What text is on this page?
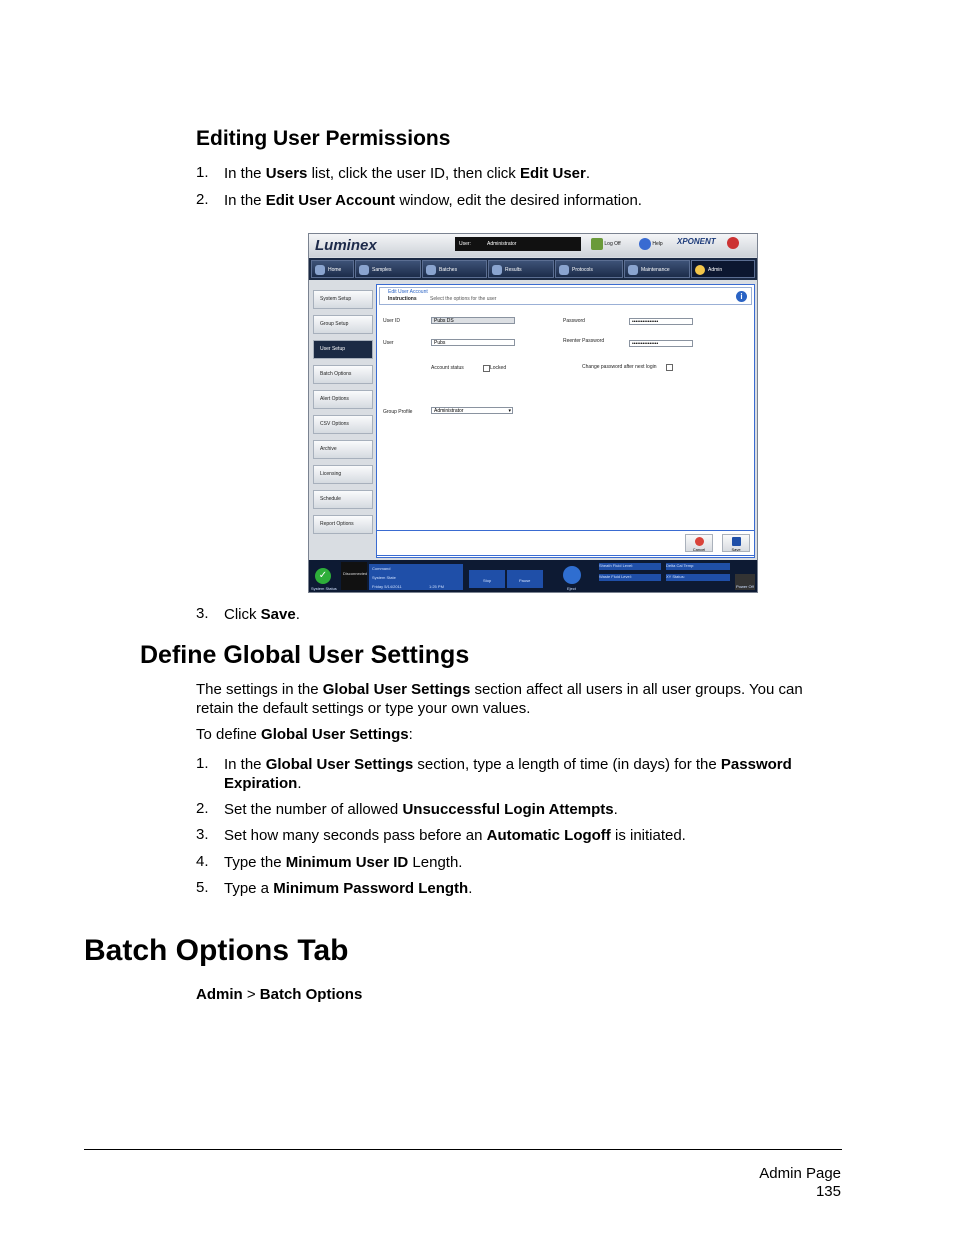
Editing User Permissions
1. In the Users list, click the user ID, then click Edit User.
2. In the Edit User Account window, edit the desired information.
Luminex	User:	Administrator	Log Off	Help XPONENT
Home	Samples	Batches	Results	Protocols	Maintenance	Admin
System Setup
Group Setup
User Setup
Batch Options
Alert Options
CSV Options
Archive
Licensing
Schedule
Report Options
Edit User Account
Instructions	Select the options for the user	i
User ID	Pubs DS
User	Pubs
Password	•••••••••••••••
Reenter Password	•••••••••••••••
Account status	Locked	Change password after next login
Group Profile	Administrator	▾
Cancel	Save
✓
System Status
Disconnected
Command
System State
Friday 5/14/2011	1:25 PM
Stop	Pause
Eject
Sheath Fluid Level:
Waste Fluid Level:
Delta Cal Temp:
XY Status:
Power Off
3. Click Save.
Define Global User Settings
The settings in the Global User Settings section affect all users in all user groups. You can retain the default settings or type your own values.
To define Global User Settings:
1. In the Global User Settings section, type a length of time (in days) for the Password Expiration.
2. Set the number of allowed Unsuccessful Login Attempts.
3. Set how many seconds pass before an Automatic Logoff is initiated.
4. Type the Minimum User ID Length.
5. Type a Minimum Password Length.
Batch Options Tab
Admin > Batch Options
Admin Page
135
